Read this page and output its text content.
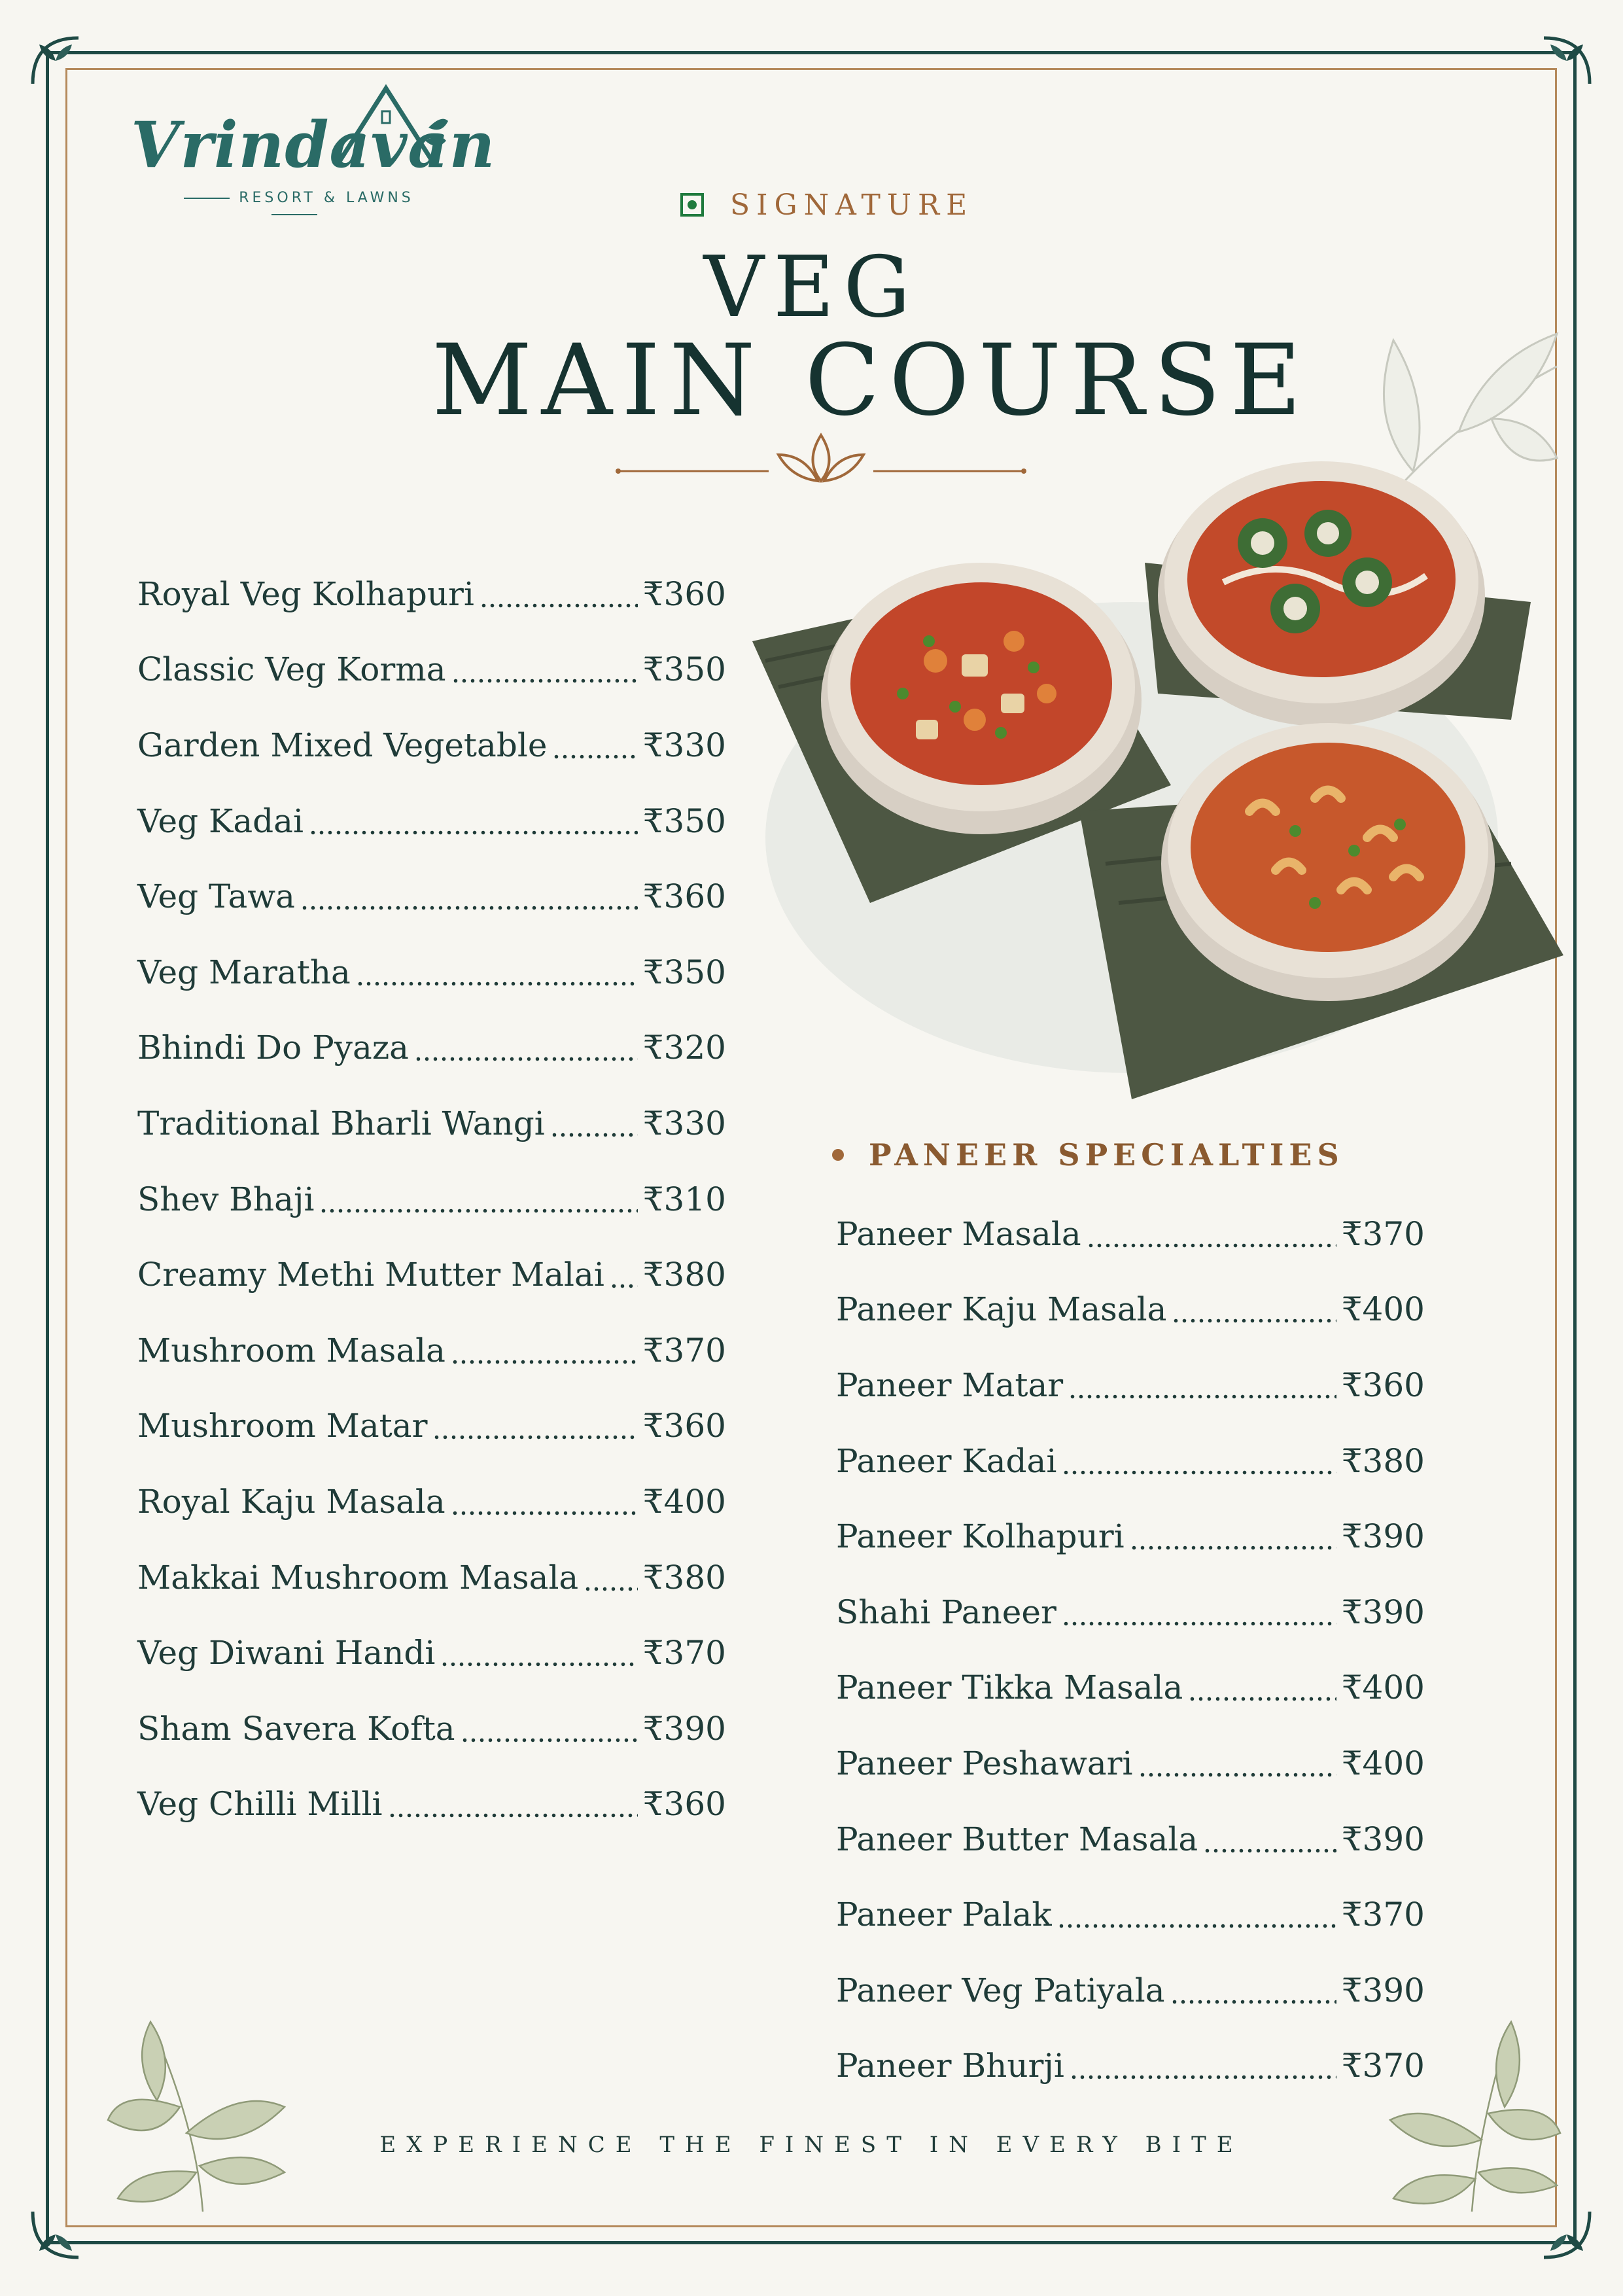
Vrindavan
RESORT & LAWNS	SIGNATURE
VEG
MAIN COURSE
Royal Veg Kolhapuri	₹360
Classic Veg Korma	₹350
Garden Mixed Vegetable	₹330
Veg Kadai	₹350
Veg Tawa	₹360
Veg Maratha	₹350
Bhindi Do Pyaza	₹320
Traditional Bharli Wangi	₹330
Shev Bhaji	₹310
Creamy Methi Mutter Malai ₹380
Mushroom Masala	₹370
Mushroom Matar	₹360
Royal Kaju Masala	₹400
Makkai Mushroom Masala ₹380
Veg Diwani Handi	₹370
Sham Savera Kofta	₹390
Veg Chilli Milli	₹360
PANEER SPECIALTIES
Paneer Masala	₹370
Paneer Kaju Masala	₹400
Paneer Matar	₹360
Paneer Kadai	₹380
Paneer Kolhapuri	₹390
Shahi Paneer	₹390
Paneer Tikka Masala	₹400
Paneer Peshawari	₹400
Paneer Butter Masala	₹390
Paneer Palak	₹370
Paneer Veg Patiyala	₹390
Paneer Bhurji	₹370
EXPERIENCE THE FINEST IN EVERY BITE
